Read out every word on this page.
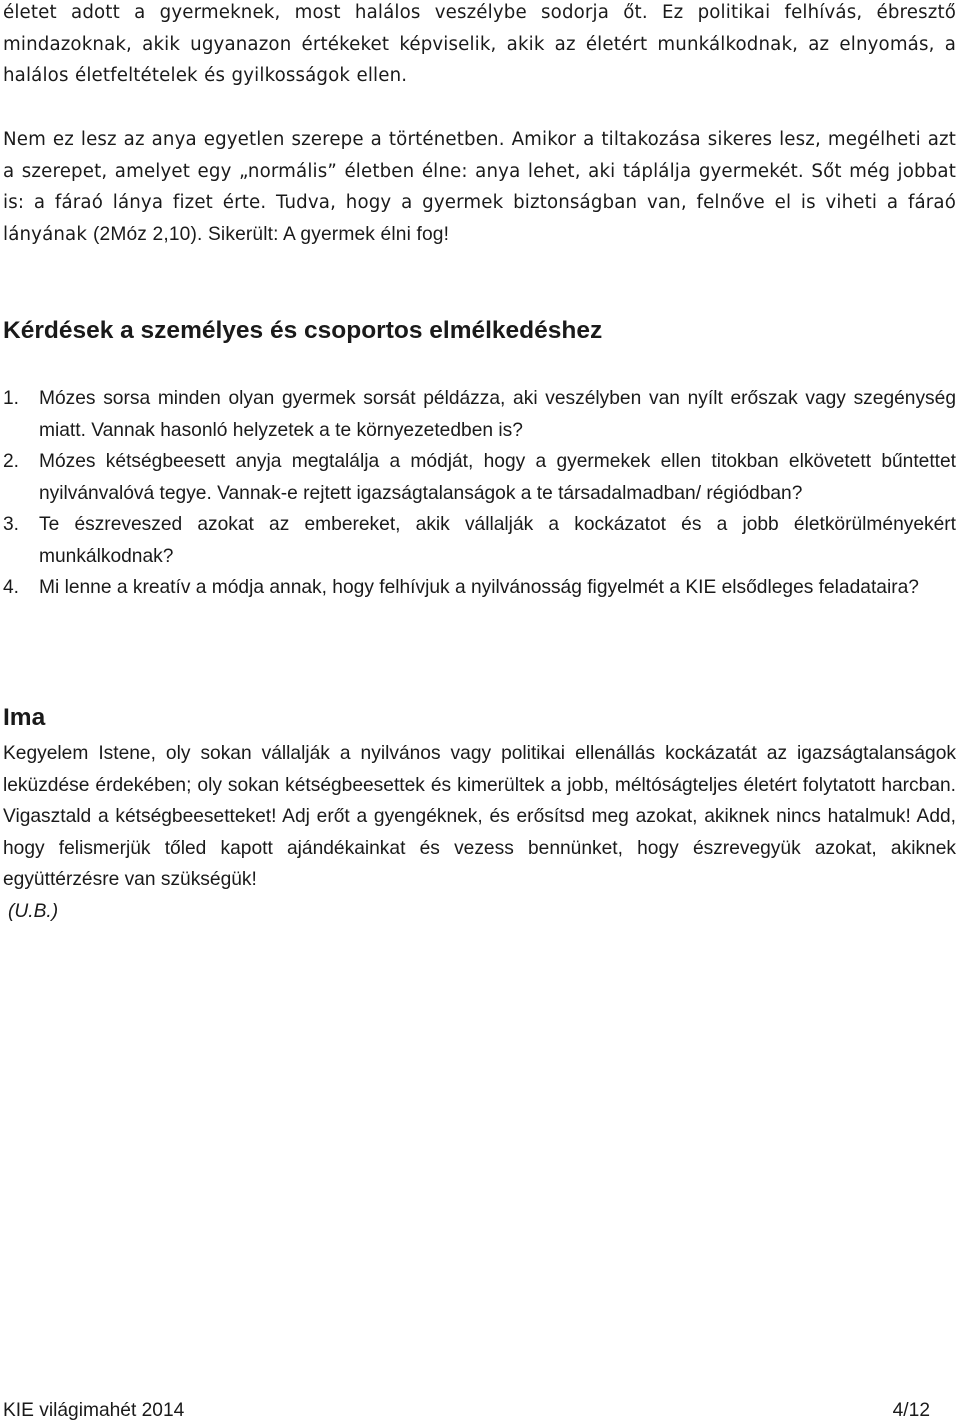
életet adott a gyermeknek, most halálos veszélybe sodorja őt. Ez politikai felhívás, ébresztő mindazoknak, akik ugyanazon értékeket képviselik, akik az életért munkálkodnak, az elnyomás, a halálos életfeltételek és gyilkosságok ellen.

Nem ez lesz az anya egyetlen szerepe a történetben. Amikor a tiltakozása sikeres lesz, megélheti azt a szerepet, amelyet egy „normális” életben élne: anya lehet, aki táplálja gyermekét. Sőt még jobbat is: a fáraó lánya fizet érte. Tudva, hogy a gyermek biztonságban van, felnőve el is viheti a fáraó lányának (2Móz 2,10). Sikerült: A gyermek élni fog!

Kérdések a személyes és csoportos elmélkedéshez
1.	Mózes sorsa minden olyan gyermek sorsát példázza, aki veszélyben van nyílt erőszak vagy szegénység miatt. Vannak hasonló helyzetek a te környezetedben is?
2.	Mózes kétségbeesett anyja megtalálja a módját, hogy a gyermekek ellen titokban elkövetett bűntettet nyilvánvalóvá tegye. Vannak-e rejtett igazságtalanságok a te társadalmadban/ régiódban?
3.	Te észreveszed azokat az embereket, akik vállalják a kockázatot és a jobb életkörülményekért munkálkodnak?
4.	Mi lenne a kreatív a módja annak, hogy felhívjuk a nyilvánosság figyelmét a KIE elsődleges feladataira?
Ima

Kegyelem Istene, oly sokan vállalják a nyilvános vagy politikai ellenállás kockázatát az igazságtalanságok leküzdése érdekében; oly sokan kétségbeesettek és kimerültek a jobb, méltóságteljes életért folytatott harcban. Vigasztald a kétségbeesetteket! Adj erőt a gyengéknek, és erősítsd meg azokat, akiknek nincs hatalmuk! Add, hogy felismerjük tőled kapott ajándékainkat és vezess bennünket, hogy észrevegyük azokat, akiknek együttérzésre van szükségük!

(U.B.)

KIE világimahét 2014	4/12
